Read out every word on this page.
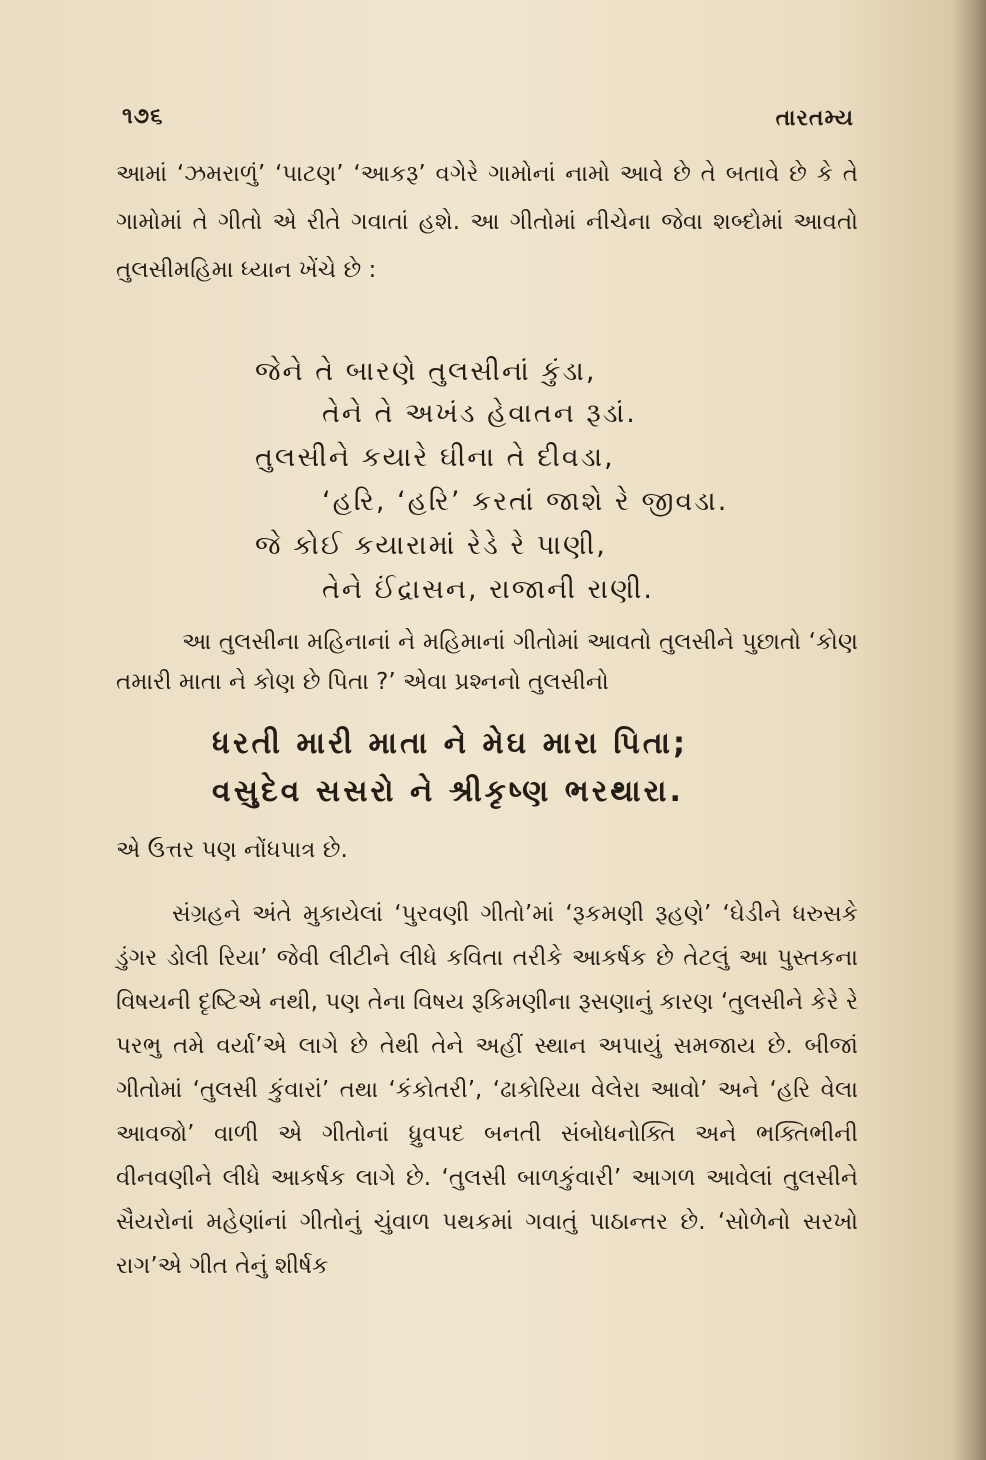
૧૭૬	તારતમ્ય

આમાં ‘ઝમરાળું’ ‘પાટણ’ ‘આકરૂ’ વગેરે ગામોનાં નામો આવે છે તે બતાવે છે કે તે ગામોમાં તે ગીતો એ રીતે ગવાતાં હશે. આ ગીતોમાં નીચેના જેવા શબ્દોમાં આવતો તુલસીમહિમા ધ્યાન ખેંચે છે :

જેને તે બારણે તુલસીનાં કુંડા,
તેને તે અખંડ હેવાતન રૂડાં.
તુલસીને કયારે ઘીના તે દીવડા,
‘હરિ, ‘હરિ’ કરતાં જાશે રે જીવડા.
જે કોઈ કયારામાં રેડે રે પાણી,
તેને ઈંદ્રાસન, રાજાની રાણી.

આ તુલસીના મહિનાનાં ને મહિમાનાં ગીતોમાં આવતો તુલસીને પુછાતો ‘કોણ તમારી માતા ને કોણ છે પિતા ?’ એવા પ્રશ્નનો તુલસીનો

ધરતી મારી માતા ને મેઘ મારા પિતા;
વસુદેવ સસરો ને શ્રીકૃષ્ણ ભરથારા.

એ ઉત્તર પણ નોંધપાત્ર છે.

સંગ્રહને અંતે મુકાયેલાં ‘પુરવણી ગીતો’માં ‘રૂકમણી રૂહણે’ ‘ઘેડીને ધરુસકે ડુંગર ડોલી રિયા’ જેવી લીટીને લીધે કવિતા તરીકે આકર્ષક છે તેટલું આ પુસ્તકના વિષયની દૃષ્ટિએ નથી, પણ તેના વિષય રૂકિમણીના રૂસણાનું કારણ ‘તુલસીને કેરે રે પરભુ તમે વર્યા’એ લાગે છે તેથી તેને અહીં સ્થાન અપાયું સમજાય છે. બીજાં ગીતોમાં ‘તુલસી કુંવારાં’ તથા ‘કંકોતરી’, ‘ઢાકોરિયા વેલેરા આવો’ અને ‘હરિ વેલા આવજો’ વાળી એ ગીતોનાં ધ્રુવપદ બનતી સંબોધનોક્તિ અને ભક્તિભીની વીનવણીને લીધે આકર્ષક લાગે છે. ‘તુલસી બાળકુંવારી’ આગળ આવેલાં તુલસીને સૈયરોનાં મહેણાંનાં ગીતોનું ચુંવાળ પથકમાં ગવાતું પાઠાન્તર છે. ‘સોળેનો સરખો રાગ’એ ગીત તેનું શીર્ષક
